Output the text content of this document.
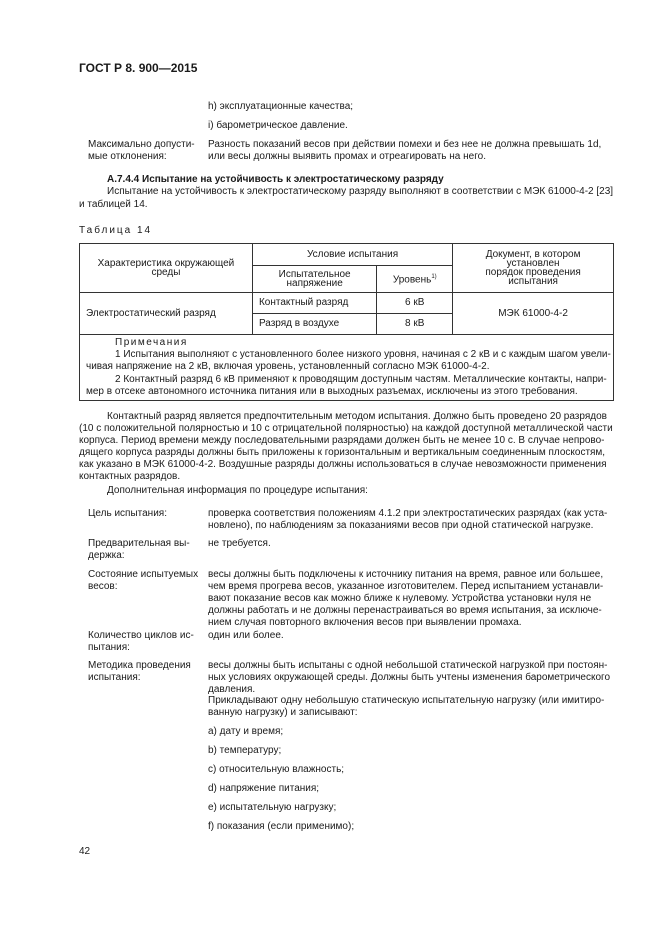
ГОСТ Р 8. 900—2015
h) эксплуатационные качества;
i) барометрическое давление.
Максимально допусти-
мые отклонения:
Разность показаний весов при действии помехи и без нее не должна превышать 1d,
или весы должны выявить промах и отреагировать на него.
А.7.4.4 Испытание на устойчивость к электростатическому разряду
Испытание на устойчивость к электростатическому разряду выполняют в соответствии с МЭК 61000-4-2 [23]
и таблицей 14.
Таблица 14
Характеристика окружающей среды	Условие испытания		Документ, в котором установлен
порядок проведения испытания

	Испытательное напряжение	Уровень$^{1)}$
Электростатический разряд	Контактный разряд	6 кВ	МЭК 61000-4-2
	Разряд в воздухе	8 кВ	
Примечания
1 Испытания выполняют с установленного более низкого уровня, начиная с 2 кВ и с каждым шагом увели-
чивая напряжение на 2 кВ, включая уровень, установленный согласно МЭК 61000-4-2.
2 Контактный разряд 6 кВ применяют к проводящим доступным частям. Металлические контакты, напри-
мер в отсеке автономного источника питания или в выходных разъемах, исключены из этого требования.
Контактный разряд является предпочтительным методом испытания. Должно быть проведено 20 разрядов
(10 с положительной полярностью и 10 с отрицательной полярностью) на каждой доступной металлической части
корпуса. Период времени между последовательными разрядами должен быть не менее 10 с. В случае непрово-
дящего корпуса разряды должны быть приложены к горизонтальным и вертикальным соединенным плоскостям,
как указано в МЭК 61000-4-2. Воздушные разряды должны использоваться в случае невозможности применения
контактных разрядов.
Дополнительная информация по процедуре испытания:
Цель испытания:	проверка соответствия положениям 4.1.2 при электростатических разрядах (как уста-
новлено), по наблюдениям за показаниями весов при одной статической нагрузке.
Предварительная вы-
держка:
не требуется.
Состояние испытуемых
весов:
весы должны быть подключены к источнику питания на время, равное или большее,
чем время прогрева весов, указанное изготовителем. Перед испытанием устанавли-
вают показание весов как можно ближе к нулевому. Устройства установки нуля не
должны работать и не должны перенастраиваться во время испытания, за исключе-
нием случая повторного включения весов при выявлении промаха.
Количество циклов ис-
пытания:
один или более.
Методика проведения
испытания:
весы должны быть испытаны с одной небольшой статической нагрузкой при постоян-
ных условиях окружающей среды. Должны быть учтены изменения барометрического
давления.
Прикладывают одну небольшую статическую испытательную нагрузку (или имитиро-
ванную нагрузку) и записывают:
а) дату и время;
b) температуру;
с) относительную влажность;
d) напряжение питания;
е) испытательную нагрузку;
f) показания (если применимо);
42
